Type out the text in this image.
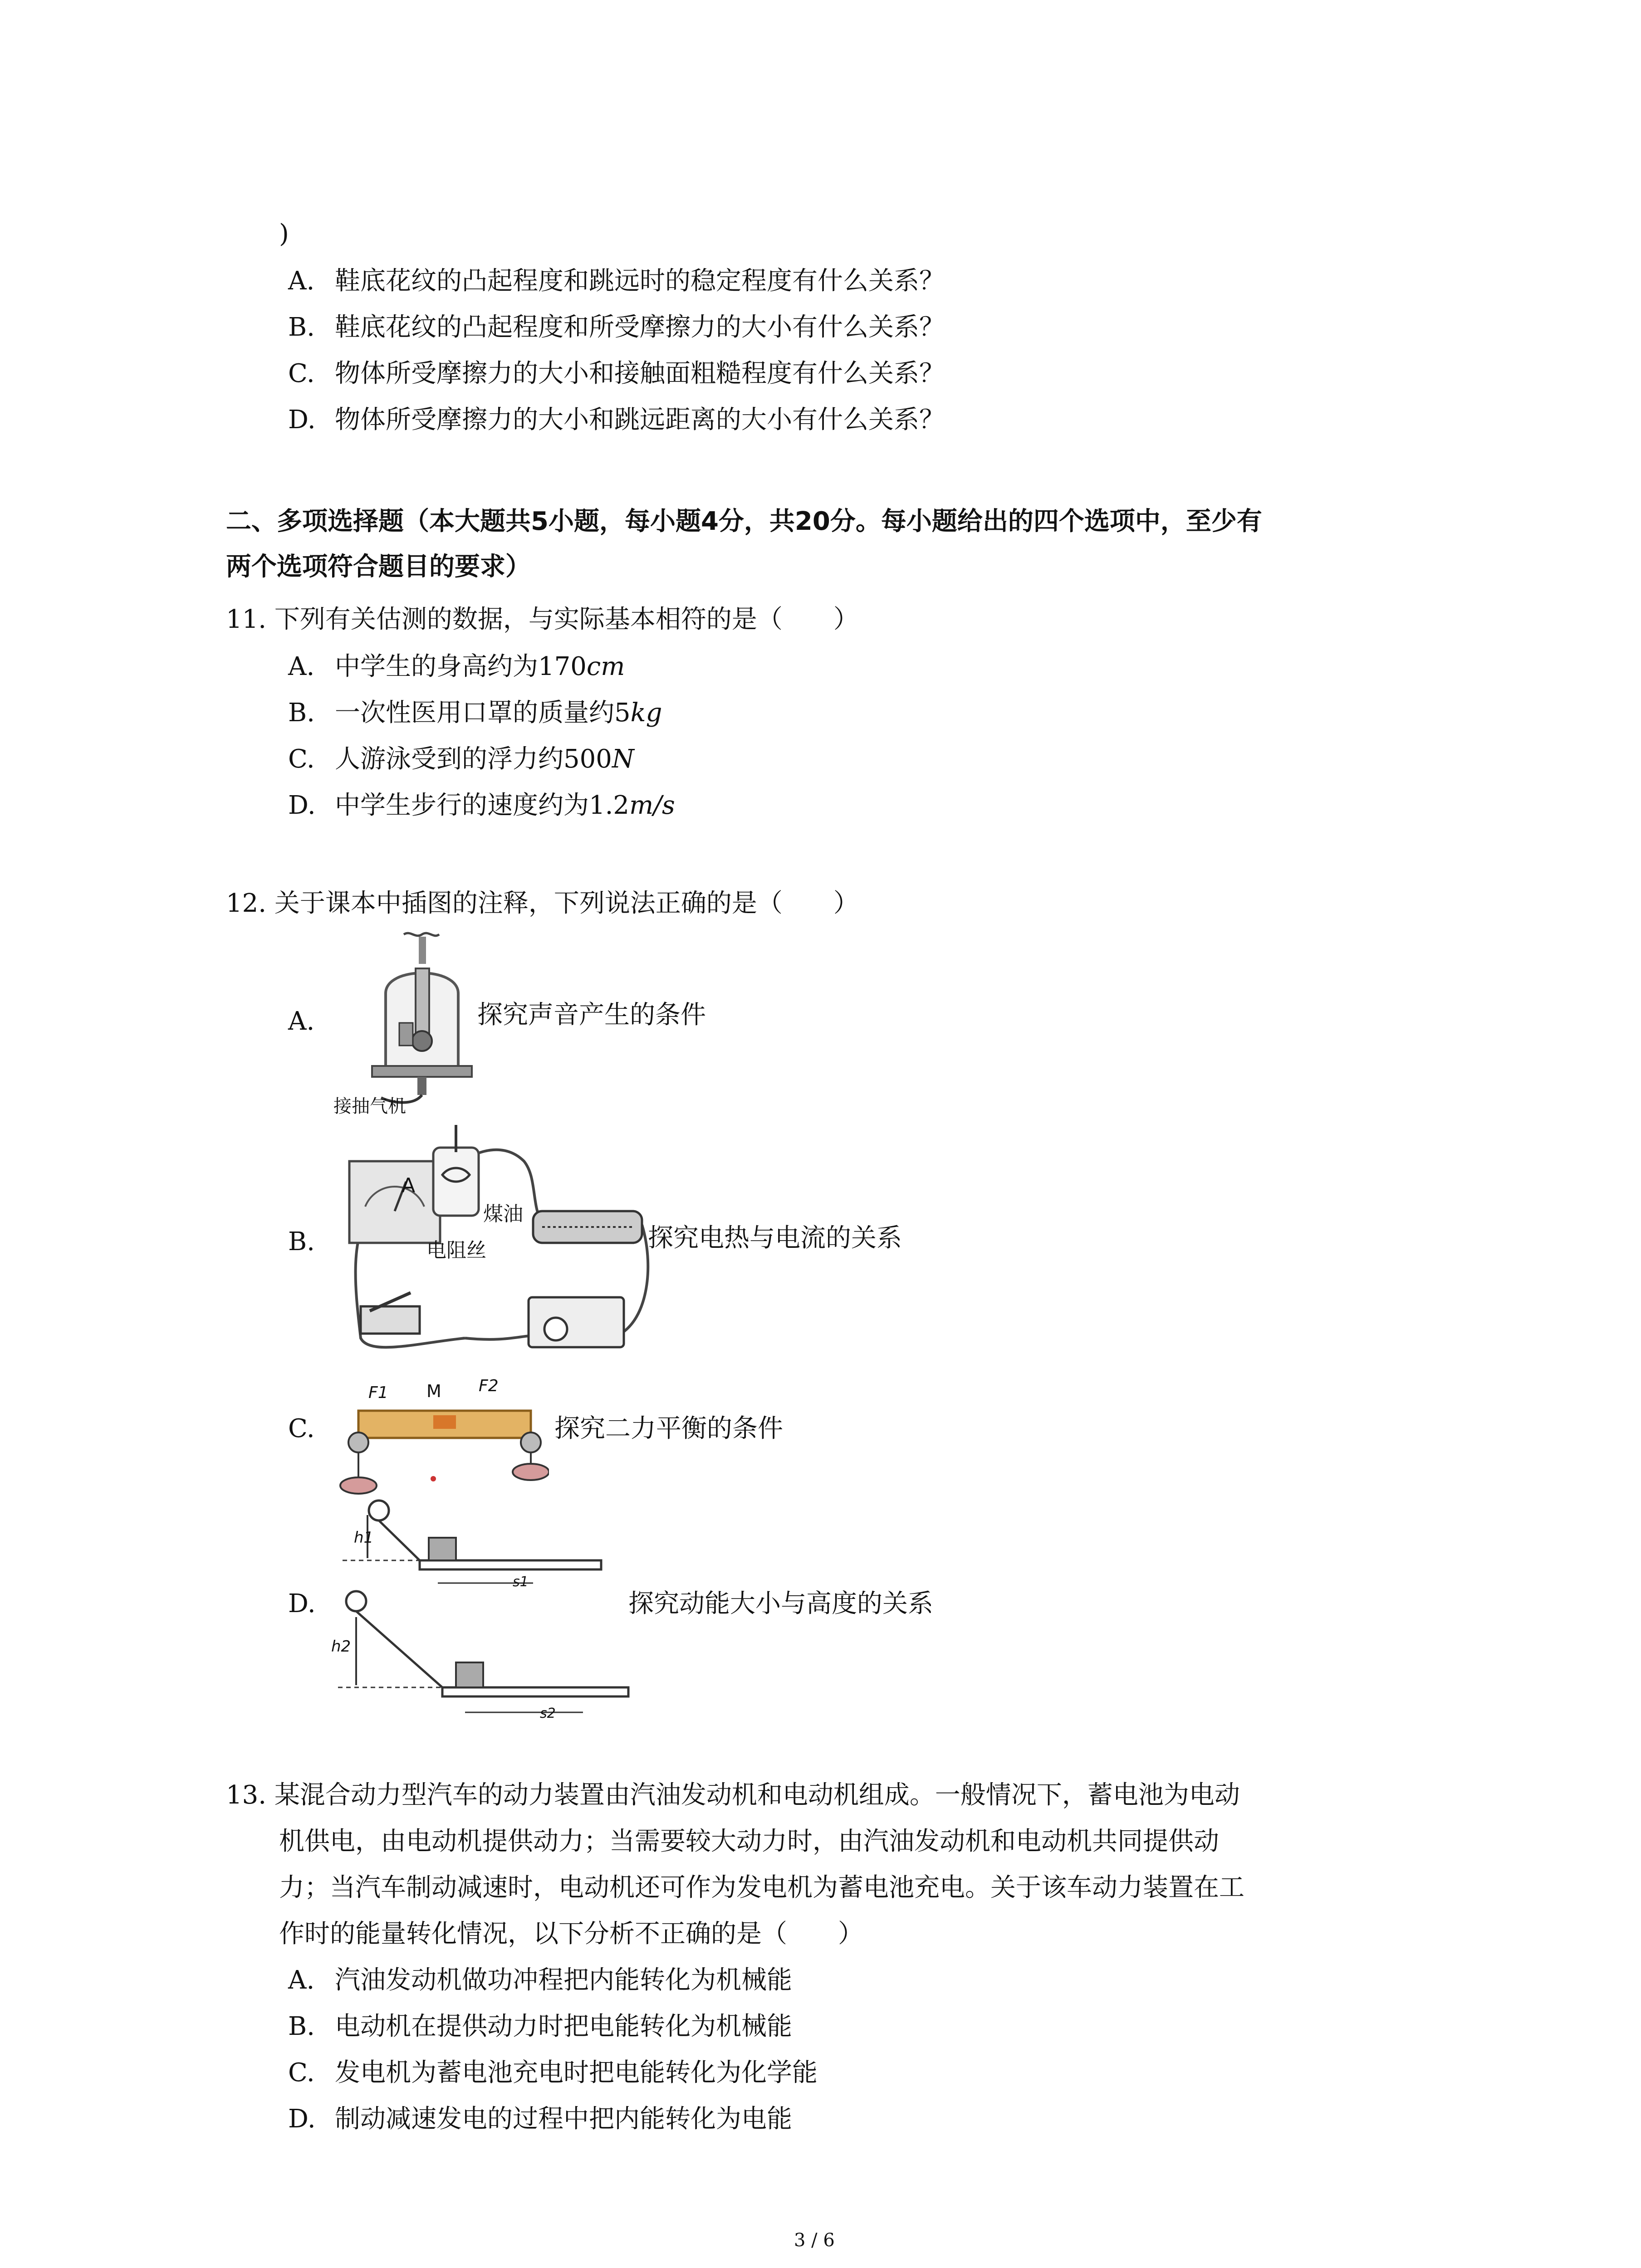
)
A. 鞋底花纹的凸起程度和跳远时的稳定程度有什么关系？
B. 鞋底花纹的凸起程度和所受摩擦力的大小有什么关系？
C. 物体所受摩擦力的大小和接触面粗糙程度有什么关系？
D. 物体所受摩擦力的大小和跳远距离的大小有什么关系？
二、多项选择题（本大题共5小题，每小题4分，共20分。每小题给出的四个选项中，至少有
两个选项符合题目的要求）
11. 下列有关估测的数据，与实际基本相符的是（　　）
A. 中学生的身高约为170cm
B. 一次性医用口罩的质量约5kg
C. 人游泳受到的浮力约500N
D. 中学生步行的速度约为1.2m/s
12. 关于课本中插图的注释，下列说法正确的是（　　）
A.
接抽气机
探究声音产生的条件
B.
A
煤油
电阻丝	探究电热与电流的关系
C.
F1 M F2
探究二力平衡的条件
D.
h1
s1
h2
s2
探究动能大小与高度的关系
13. 某混合动力型汽车的动力装置由汽油发动机和电动机组成。一般情况下，蓄电池为电动
机供电，由电动机提供动力；当需要较大动力时，由汽油发动机和电动机共同提供动
力；当汽车制动减速时，电动机还可作为发电机为蓄电池充电。关于该车动力装置在工
作时的能量转化情况，以下分析不正确的是（　　）
A. 汽油发动机做功冲程把内能转化为机械能
B. 电动机在提供动力时把电能转化为机械能
C. 发电机为蓄电池充电时把电能转化为化学能
D. 制动减速发电的过程中把内能转化为电能
3 / 6
